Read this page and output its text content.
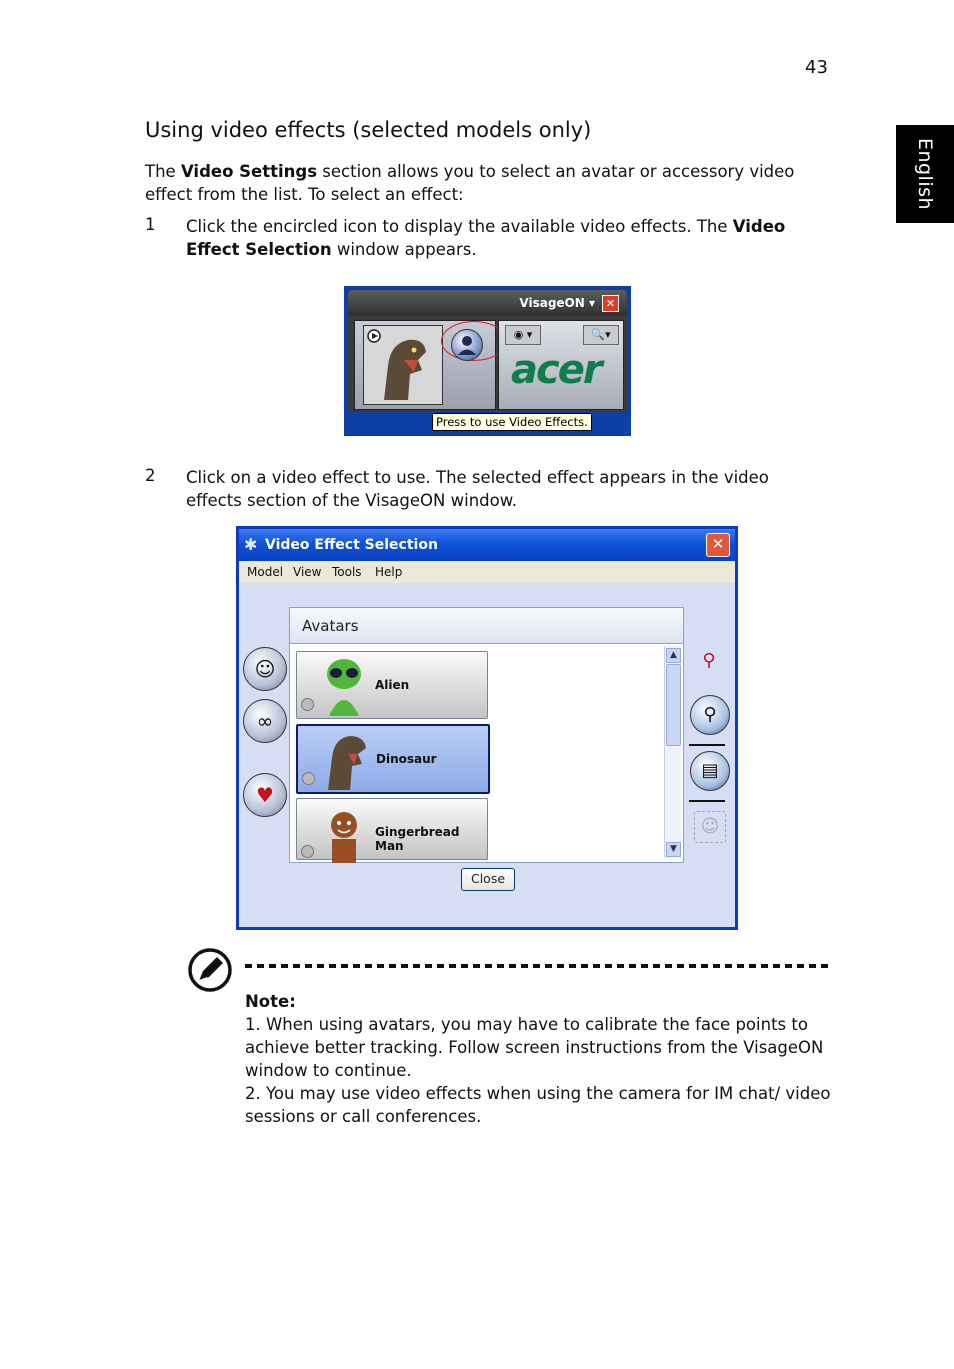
43
English
Using video effects (selected models only)
The Video Settings section allows you to select an avatar or accessory video effect from the list. To select an effect:
1 Click the encircled icon to display the available video effects. The Video Effect Selection window appears.
VisageON ▾ ✕
◉ ▾	🔍▾
acer
Press to use Video Effects.
2 Click on a video effect to use. The selected effect appears in the video effects section of the VisageON window.
✱ Video Effect Selection	✕
Model View Tools Help
☺
∞
♥
Avatars
Alien
Dinosaur
Gingerbread Man
▲
▼
⚲
⚲
▤
☺
Close
Note:
1. When using avatars, you may have to calibrate the face points to achieve better tracking. Follow screen instructions from the VisageON window to continue.
2. You may use video effects when using the camera for IM chat/ video sessions or call conferences.
